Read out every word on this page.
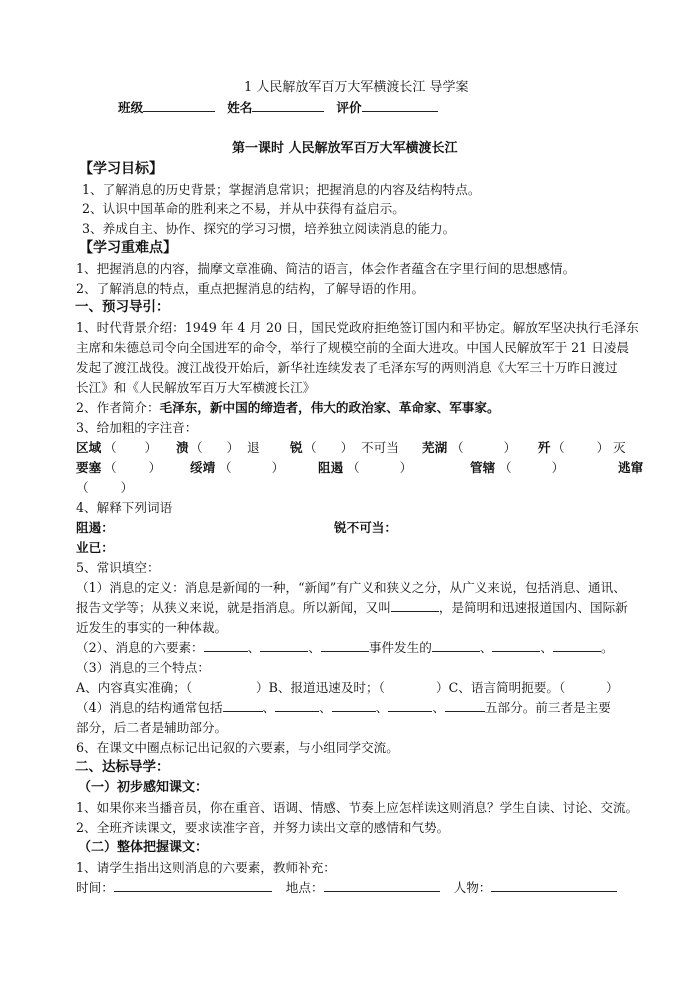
1 人民解放军百万大军横渡长江 导学案
班级	姓名	评价
第一课时 人民解放军百万大军横渡长江
【学习目标】
1、了解消息的历史背景；掌握消息常识；把握消息的内容及结构特点。
2、认识中国革命的胜利来之不易，并从中获得有益启示。
3、养成自主、协作、探究的学习习惯，培养独立阅读消息的能力。
【学习重难点】
1、把握消息的内容，揣摩文章准确、简洁的语言，体会作者蕴含在字里行间的思想感情。
2、了解消息的特点，重点把握消息的结构，了解导语的作用。
一、预习导引：
1、时代背景介绍：1949 年 4 月 20 日，国民党政府拒绝签订国内和平协定。解放军坚决执行毛泽东
主席和朱德总司令向全国进军的命令，举行了规模空前的全面大进攻。中国人民解放军于 21 日凌晨
发起了渡江战役。渡江战役开始后，新华社连续发表了毛泽东写的两则消息《大军三十万昨日渡过
长江》和《人民解放军百万大军横渡长江》
2、作者简介：毛泽东，新中国的缔造者，伟大的政治家、革命家、军事家。
3、给加粗的字注音：
区域 （       ） 溃 （      ） 退 锐 （      ） 不可当 芜湖 （          ） 歼 （        ） 灭
要塞 （        ） 绥靖 （          ）	阻遏 （          ）	管辖 （          ）	逃窜
（        ）
4、解释下列词语
阻遏：	锐不可当：
业已：
5、常识填空：
（1）消息的定义：消息是新闻的一种，“新闻”有广义和狭义之分，从广义来说，包括消息、通讯、
报告文学等；从狭义来说，就是指消息。所以新闻，又叫	，是简明和迅速报道国内、国际新
近发生的事实的一种体裁。
（2）、消息的六要素：	、	、	事件发生的	、	、	。
（3）消息的三个特点：
A、内容真实准确；（	）B、报道迅速及时；（	）C、语言简明扼要。（	）
（4）消息的结构通常包括	、	、	、	、	五部分。前三者是主要
部分，后二者是辅助部分。
6、在课文中圈点标记出记叙的六要素，与小组同学交流。
二、达标导学：
（一）初步感知课文：
1、如果你来当播音员，你在重音、语调、情感、节奏上应怎样读这则消息？学生自读、讨论、交流。
2、全班齐读课文，要求读准字音，并努力读出文章的感情和气势。
（二）整体把握课文：
1、请学生指出这则消息的六要素，教师补充：
时间：	地点：	人物：
